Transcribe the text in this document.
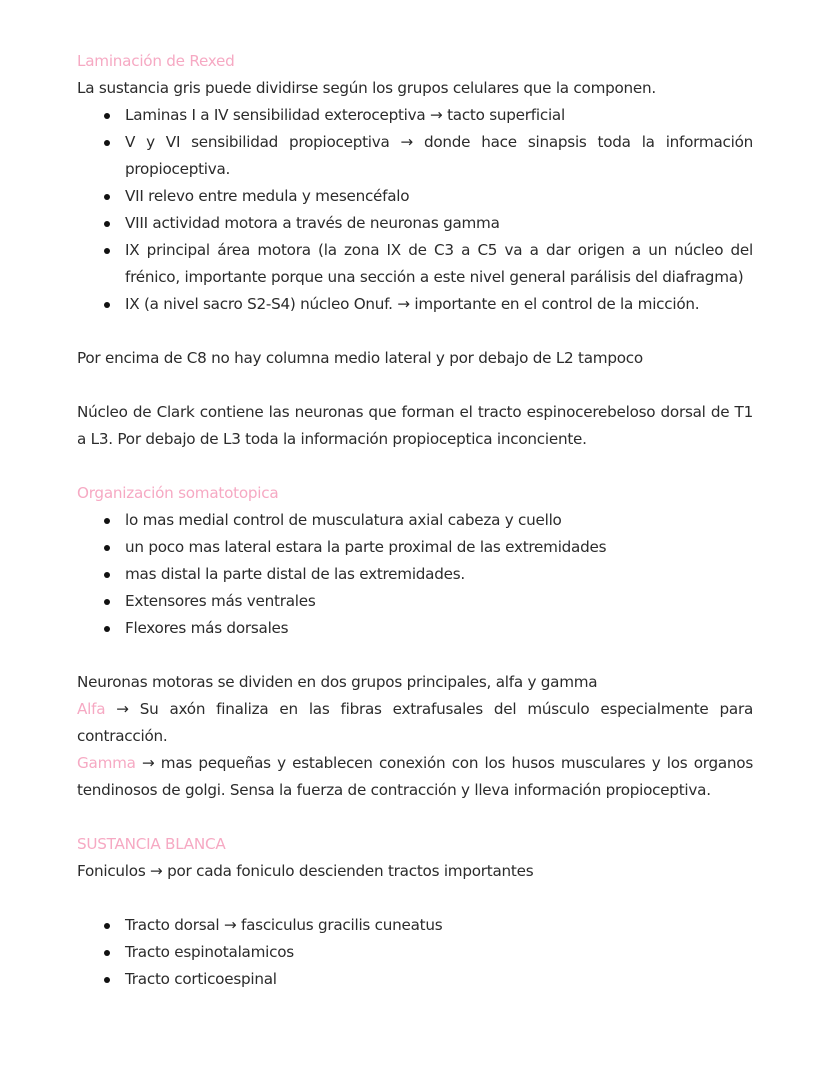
Laminación de Rexed

La sustancia gris puede dividirse según los grupos celulares que la componen.

Laminas I a IV sensibilidad exteroceptiva → tacto superficial
V y VI sensibilidad propioceptiva → donde hace sinapsis toda la información propioceptiva.
VII relevo entre medula y mesencéfalo
VIII actividad motora a través de neuronas gamma
IX principal área motora (la zona IX de C3 a C5 va a dar origen a un núcleo del frénico, importante porque una sección a este nivel general parálisis del diafragma)
IX (a nivel sacro S2-S4) núcleo Onuf. → importante en el control de la micción.

Por encima de C8 no hay columna medio lateral y por debajo de L2 tampoco

Núcleo de Clark contiene las neuronas que forman el tracto espinocerebeloso dorsal de T1 a L3. Por debajo de L3 toda la información propioceptica inconciente.

Organización somatotopica

lo mas medial control de musculatura axial cabeza y cuello
un poco mas lateral estara la parte proximal de las extremidades
mas distal la parte distal de las extremidades.
Extensores más ventrales
Flexores más dorsales

Neuronas motoras se dividen en dos grupos principales, alfa y gamma

Alfa → Su axón finaliza en las fibras extrafusales del músculo especialmente para contracción.

Gamma → mas pequeñas y establecen conexión con los husos musculares y los organos tendinosos de golgi. Sensa la fuerza de contracción y lleva información propioceptiva.

SUSTANCIA BLANCA

Foniculos → por cada foniculo descienden tractos importantes

Tracto dorsal → fasciculus gracilis cuneatus
Tracto espinotalamicos
Tracto corticoespinal
